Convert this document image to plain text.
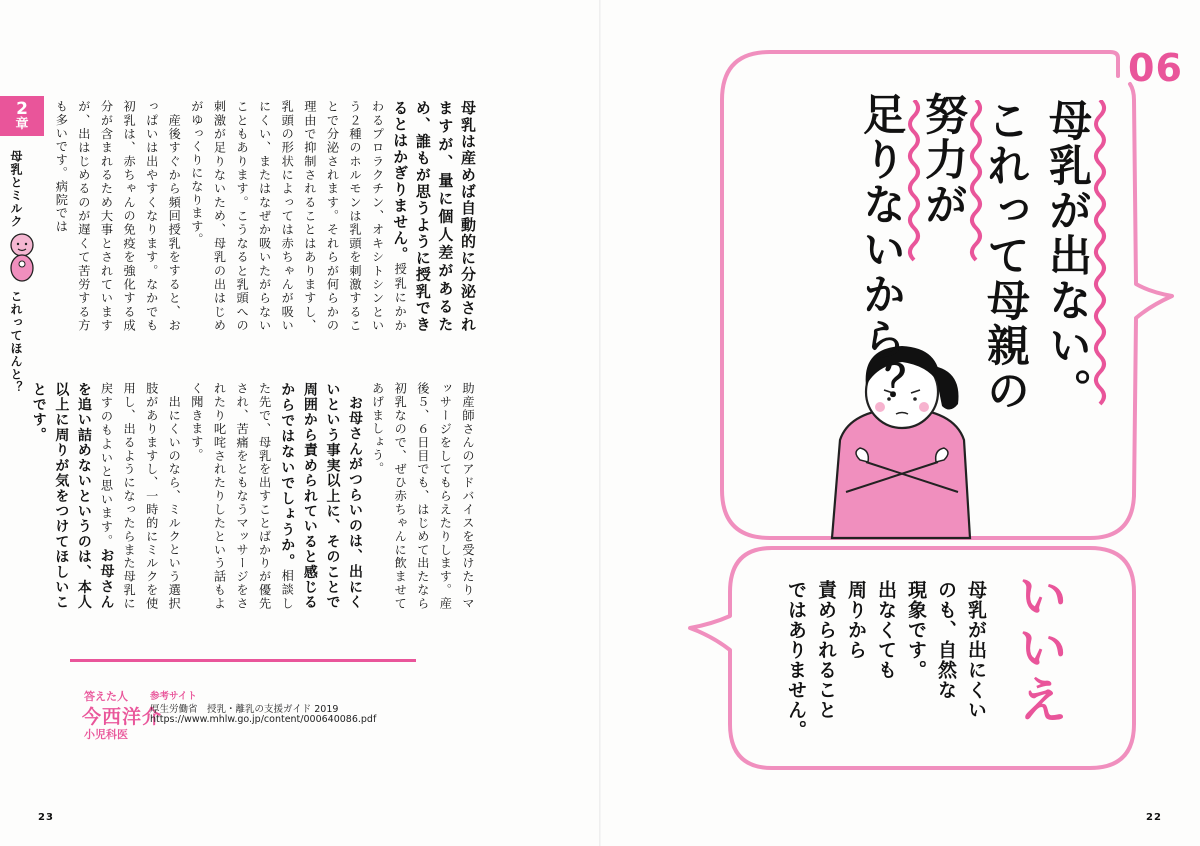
2
章
母乳とミルク
これってほんと？
母乳は産めば自動的に分泌されますが、量に個人差があるため、誰もが思うように授乳できるとはかぎりません。授乳にかかわるプロラクチン、オキシトシンという２種のホルモンは乳頭を刺激することで分泌されます。それらが何らかの理由で抑制されることはありますし、乳頭の形状によっては赤ちゃんが吸いにくい、またはなぜか吸いたがらないこともあります。こうなると乳頭への刺激が足りないため、母乳の出はじめがゆっくりになります。
　産後すぐから頻回授乳をすると、おっぱいは出やすくなります。なかでも初乳は、赤ちゃんの免疫を強化する成分が含まれるため大事とされていますが、出はじめるのが遅くて苦労する方も多いです。病院では
助産師さんのアドバイスを受けたりマッサージをしてもらえたりします。産後５、６日目でも、はじめて出たなら初乳なので、ぜひ赤ちゃんに飲ませてあげましょう。
　お母さんがつらいのは、出にくいという事実以上に、そのことで周囲から責められていると感じるからではないでしょうか。相談した先で、母乳を出すことばかりが優先され、苦痛をともなうマッサージをされたり叱咤されたりしたという話もよく聞きます。
　出にくいのなら、ミルクという選択肢がありますし、一時的にミルクを使用し、出るようになったらまた母乳に戻すのもよいと思います。お母さんを追い詰めないというのは、本人以上に周りが気をつけてほしいことです。
答えた人
今西洋介
小児科医
参考サイト
厚生労働省　授乳・離乳の支援ガイド 2019
https://www.mhlw.go.jp/content/000640086.pdf
23
06
母乳が出ない。
これって母親の
努力が
足りないから？
いいえ
母乳が出にくい
のも、自然な
現象です。
出なくても
周りから
責められること
ではありません。
22
